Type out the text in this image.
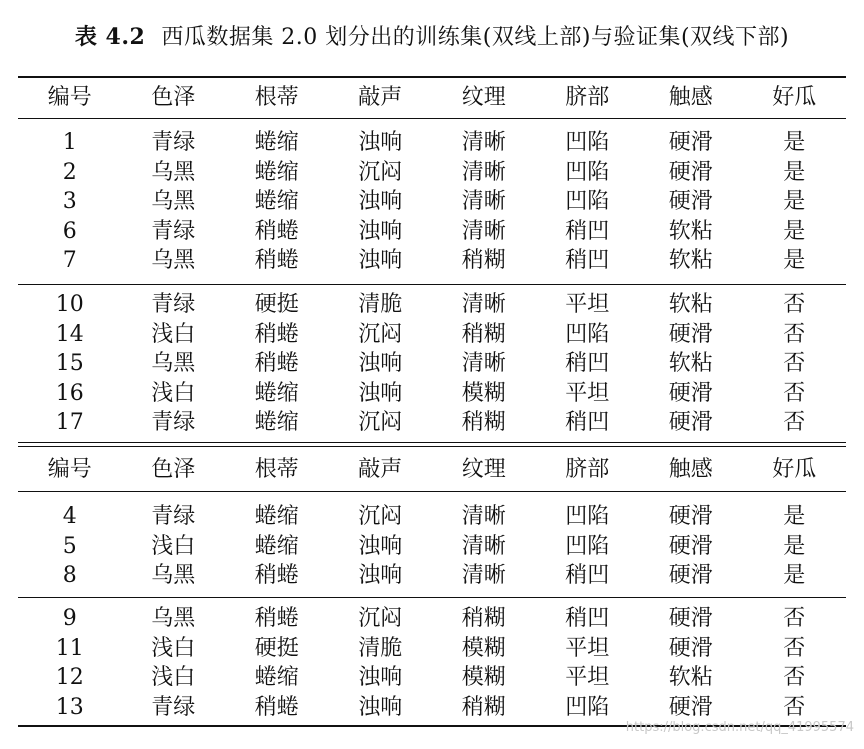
表 4.2 西瓜数据集 2.0 划分出的训练集(双线上部)与验证集(双线下部)
编号	色泽	根蒂	敲声	纹理	脐部	触感	好瓜
1	青绿	蜷缩	浊响	清晰	凹陷	硬滑	是
2	乌黑	蜷缩	沉闷	清晰	凹陷	硬滑	是
3	乌黑	蜷缩	浊响	清晰	凹陷	硬滑	是
6	青绿	稍蜷	浊响	清晰	稍凹	软粘	是
7	乌黑	稍蜷	浊响	稍糊	稍凹	软粘	是
10	青绿	硬挺	清脆	清晰	平坦	软粘	否
14	浅白	稍蜷	沉闷	稍糊	凹陷	硬滑	否
15	乌黑	稍蜷	浊响	清晰	稍凹	软粘	否
16	浅白	蜷缩	浊响	模糊	平坦	硬滑	否
17	青绿	蜷缩	沉闷	稍糊	稍凹	硬滑	否
编号	色泽	根蒂	敲声	纹理	脐部	触感	好瓜
4	青绿	蜷缩	沉闷	清晰	凹陷	硬滑	是
5	浅白	蜷缩	浊响	清晰	凹陷	硬滑	是
8	乌黑	稍蜷	浊响	清晰	稍凹	硬滑	是
9	乌黑	稍蜷	沉闷	稍糊	稍凹	硬滑	否
11	浅白	硬挺	清脆	模糊	平坦	硬滑	否
12	浅白	蜷缩	浊响	模糊	平坦	软粘	否
13	青绿	稍蜷	浊响	稍糊	凹陷	硬滑	否
https://blog.csdn.net/qq_41995574
